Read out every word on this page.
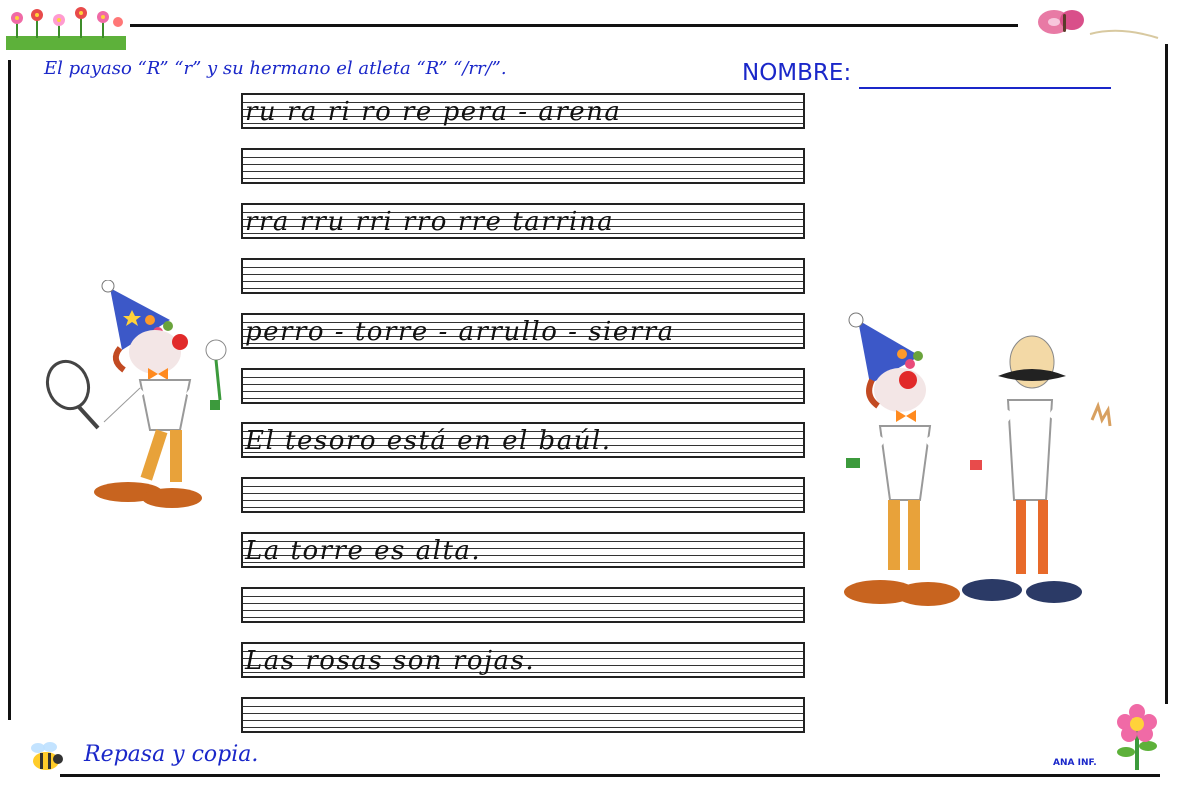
El payaso “R” “r” y su hermano el atleta “R” “/rr/”.	NOMBRE:
ru ra ri ro re pera - arena
rra rru rri rro rre tarrina
perro - torre - arrullo - sierra
El tesoro está en el baúl.
La torre es alta.
Las rosas son rojas.
Repasa y copia.	ANA INF.
